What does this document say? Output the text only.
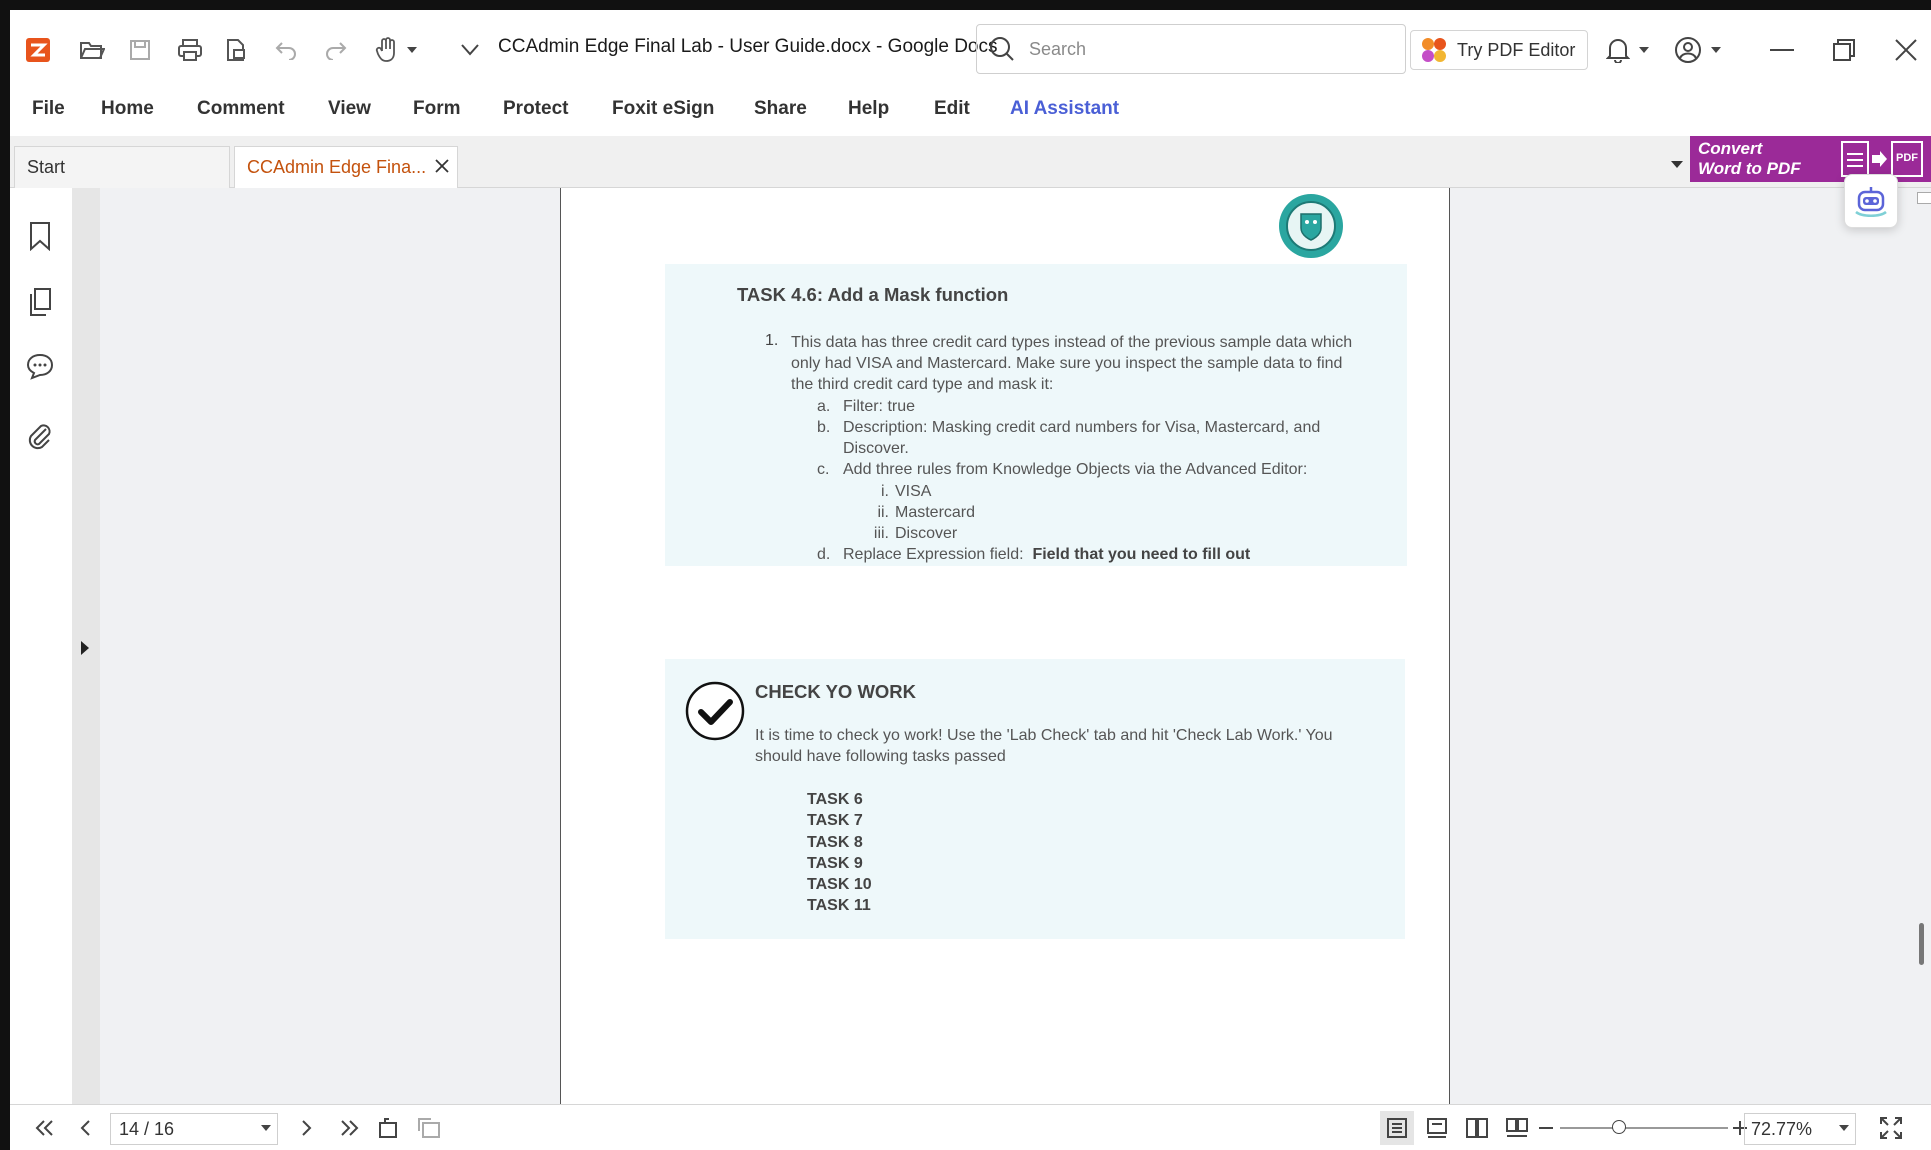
CCAdmin Edge Final Lab - User Guide.docx - Google Docs
Search	Try PDF Editor
File Home Comment View Form Protect Foxit eSign Share Help Edit AI Assistant
Start	CCAdmin Edge Fina...
Convert
Word to PDF
PDF
TASK 4.6: Add a Mask function
1. This data has three credit card types instead of the previous sample data which
only had VISA and Mastercard. Make sure you inspect the sample data to find
the third credit card type and mask it:
a. Filter: true
b. Description: Masking credit card numbers for Visa, Mastercard, and
Discover.
c. Add three rules from Knowledge Objects via the Advanced Editor:
i. VISA
ii. Mastercard
iii. Discover
d. Replace Expression field: Field that you need to fill out
CHECK YO WORK
It is time to check yo work! Use the 'Lab Check' tab and hit 'Check Lab Work.' You
should have following tasks passed
TASK 6
TASK 7
TASK 8
TASK 9
TASK 10
TASK 11
14 / 16	72.77%
